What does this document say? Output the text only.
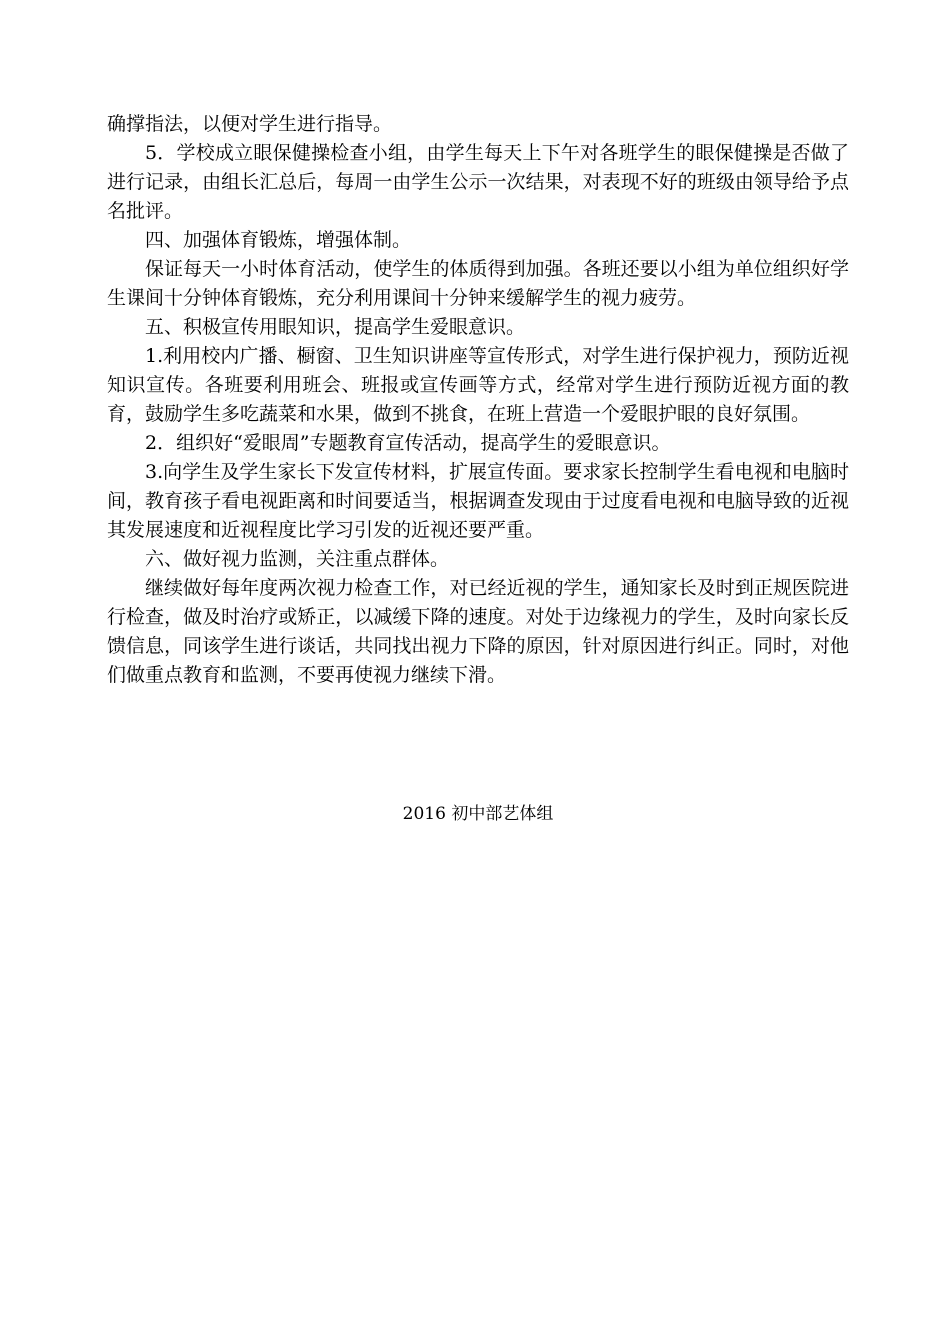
确撑指法，以便对学生进行指导。

5．学校成立眼保健操检查小组，由学生每天上下午对各班学生的眼保健操是否做了进行记录，由组长汇总后，每周一由学生公示一次结果，对表现不好的班级由领导给予点名批评。

四、加强体育锻炼，增强体制。

保证每天一小时体育活动，使学生的体质得到加强。各班还要以小组为单位组织好学生课间十分钟体育锻炼，充分利用课间十分钟来缓解学生的视力疲劳。

五、积极宣传用眼知识，提高学生爱眼意识。

1.利用校内广播、橱窗、卫生知识讲座等宣传形式，对学生进行保护视力，预防近视知识宣传。各班要利用班会、班报或宣传画等方式，经常对学生进行预防近视方面的教育，鼓励学生多吃蔬菜和水果，做到不挑食，在班上营造一个爱眼护眼的良好氛围。

2．组织好“爱眼周”专题教育宣传活动，提高学生的爱眼意识。

3.向学生及学生家长下发宣传材料，扩展宣传面。要求家长控制学生看电视和电脑时间，教育孩子看电视距离和时间要适当，根据调查发现由于过度看电视和电脑导致的近视其发展速度和近视程度比学习引发的近视还要严重。

六、做好视力监测，关注重点群体。

继续做好每年度两次视力检查工作，对已经近视的学生，通知家长及时到正规医院进行检查，做及时治疗或矫正，以减缓下降的速度。对处于边缘视力的学生，及时向家长反馈信息，同该学生进行谈话，共同找出视力下降的原因，针对原因进行纠正。同时，对他们做重点教育和监测，不要再使视力继续下滑。

2016 初中部艺体组
